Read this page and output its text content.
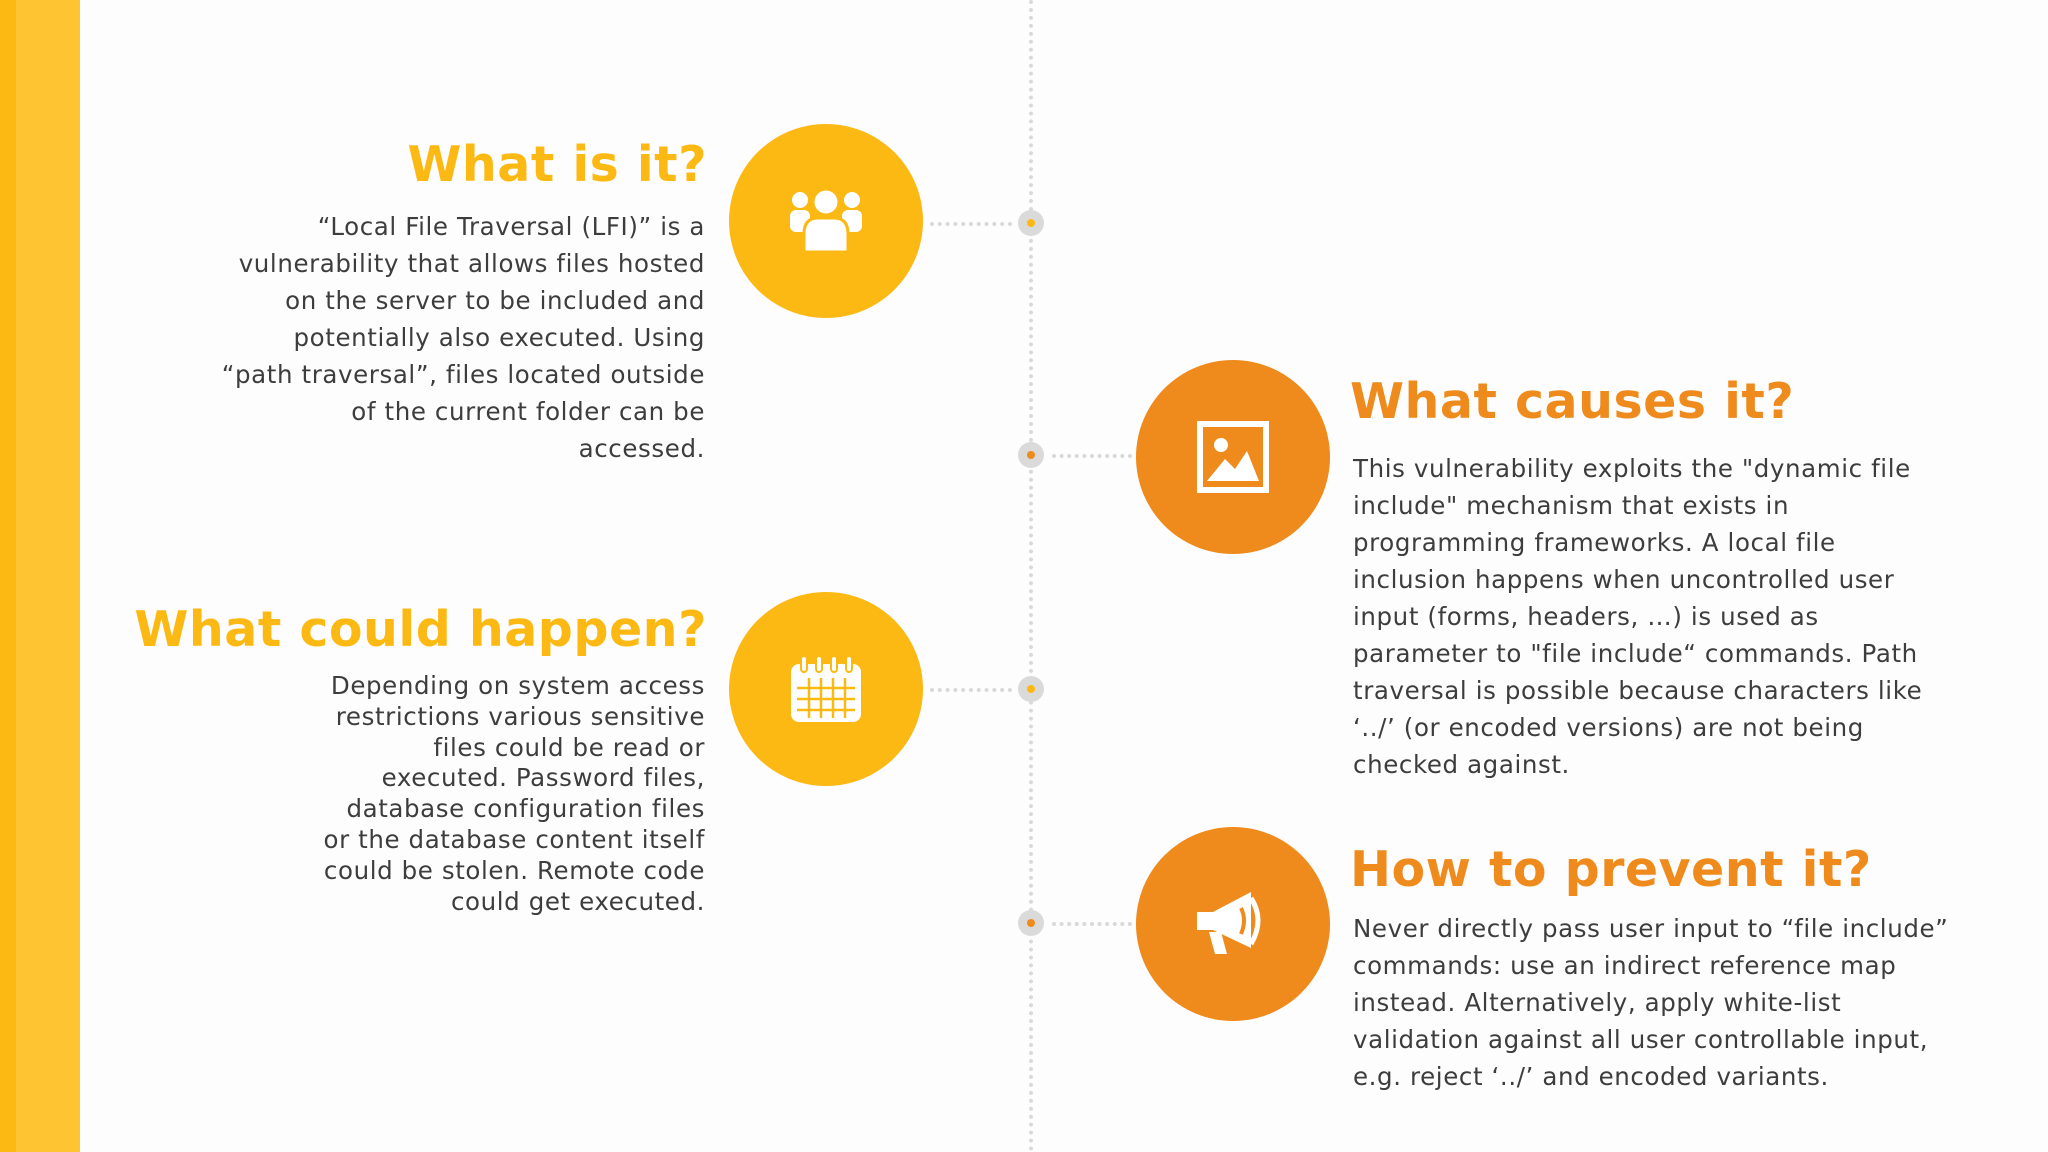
What is it?
“Local File Traversal (LFI)” is a
vulnerability that allows files hosted
on the server to be included and
potentially also executed. Using
“path traversal”, files located outside
of the current folder can be
accessed.
What causes it?
This vulnerability exploits the "dynamic file
include" mechanism that exists in
programming frameworks. A local file
inclusion happens when uncontrolled user
input (forms, headers, …) is used as
parameter to "file include“ commands. Path
traversal is possible because characters like
‘../’ (or encoded versions) are not being
checked against.
What could happen?
Depending on system access
restrictions various sensitive
files could be read or
executed. Password files,
database configuration files
or the database content itself
could be stolen. Remote code
could get executed.
How to prevent it?
Never directly pass user input to “file include”
commands: use an indirect reference map
instead. Alternatively, apply white-list
validation against all user controllable input,
e.g. reject ‘../’ and encoded variants.
